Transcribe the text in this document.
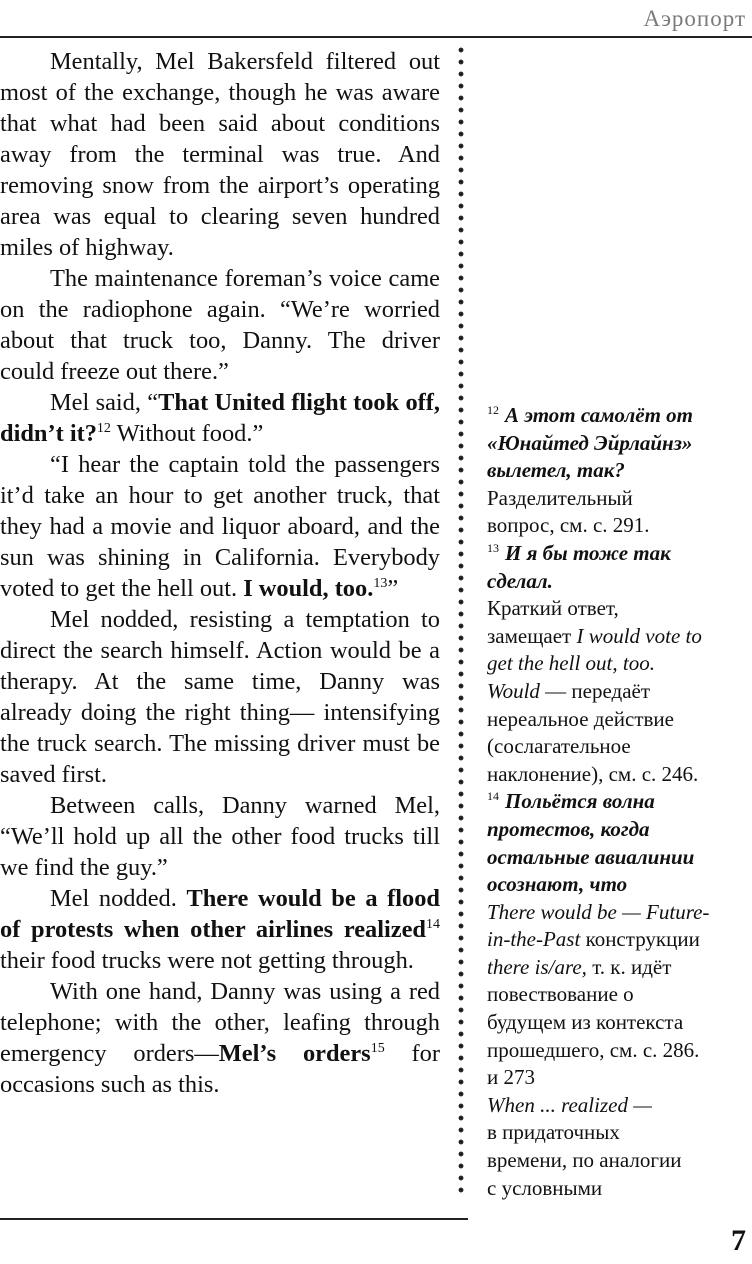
Аэропорт

Mentally, Mel Bakersfeld filtered out most of the exchange, though he was aware that what had been said about conditions away from the terminal was true. And removing snow from the airport’s operating area was equal to clearing seven hundred miles of highway.

The maintenance foreman’s voice came on the radiophone again. “We’re worried about that truck too, Danny. The driver could freeze out there.”

Mel said, “That United flight took off, didn’t it?$^{12}$ Without food.”

“I hear the captain told the passengers it’d take an hour to get another truck, that they had a movie and liquor aboard, and the sun was shining in California. Everybody voted to get the hell out. I would, too.$^{13}$”

Mel nodded, resisting a temptation to direct the search himself. Action would be a therapy. At the same time, Danny was already doing the right thing— intensifying the truck search. The missing driver must be saved first.

Between calls, Danny warned Mel, “We’ll hold up all the other food trucks till we find the guy.”

Mel nodded. There would be a flood of protests when other airlines realized$^{14}$ their food trucks were not getting through.

With one hand, Danny was using a red telephone; with the other, leafing through emergency orders—Mel’s orders$^{15}$ for occasions such as this.

$^{12}$ А этот самолёт от
«Юнайтед Эйрлайнз»
вылетел, так?
Разделительный
вопрос, см. с. 291.
$^{13}$ И я бы тоже так
сделал.
Краткий ответ,
замещает I would vote to
get the hell out, too.
Would — передаёт
нереальное действие
(сослагательное
наклонение), см. с. 246.
$^{14}$ Польётся волна
протестов, когда
остальные авиалинии
осознают, что
There would be — Future-
in-the-Past конструкции
there is/are, т. к. идёт
повествование о
будущем из контекста
прошедшего, см. с. 286.
и 273
When ... realized —
в придаточных
времени, по аналогии
с условными
7
